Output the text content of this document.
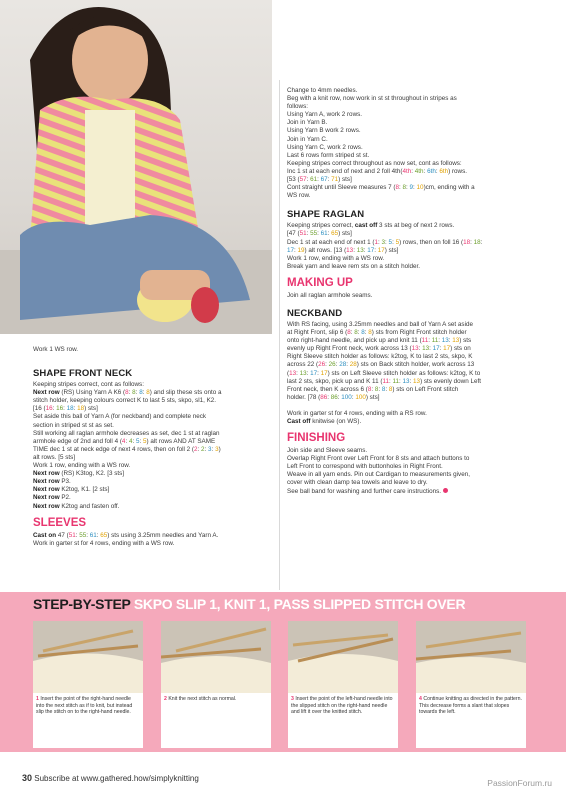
Work 1 WS row.
SHAPE FRONT NECK
Keeping stripes correct, cont as follows:
Next row (RS) Using Yarn A K6 (8: 8: 8: 8) and slip these sts onto a
stitch holder, keeping colours correct K to last 5 sts, skpo, sl1, K2.
[16 (16: 16: 18: 18) sts]
Set aside this ball of Yarn A (for neckband) and complete neck
section in striped st st as set.
Still working all raglan armhole decreases as set, dec 1 st at raglan
armhole edge of 2nd and foll 4 (4: 4: 5: 5) alt rows AND AT SAME
TIME dec 1 st at neck edge of next 4 rows, then on foll 2 (2: 2: 3: 3)
alt rows. [5 sts]
Work 1 row, ending with a WS row.
Next row (RS) K3tog, K2. [3 sts]
Next row P3.
Next row K2tog, K1. [2 sts]
Next row P2.
Next row K2tog and fasten off.
SLEEVES
Cast on 47 (51: 55: 61: 65) sts using 3.25mm needles and Yarn A.
Work in garter st for 4 rows, ending with a WS row.
Change to 4mm needles.
Beg with a knit row, now work in st st throughout in stripes as
follows:
Using Yarn A, work 2 rows.
Join in Yarn B.
Using Yarn B work 2 rows.
Join in Yarn C.
Using Yarn C, work 2 rows.
Last 6 rows form striped st st.
Keeping stripes correct throughout as now set, cont as follows:
Inc 1 st at each end of next and 2 foll 4th(4th: 4th: 6th: 6th) rows.
[53 (57: 61: 67: 71) sts]
Cont straight until Sleeve measures 7 (8: 8: 9: 10)cm, ending with a
WS row.
SHAPE RAGLAN
Keeping stripes correct, cast off 3 sts at beg of next 2 rows.
[47 (51: 55: 61: 65) sts]
Dec 1 st at each end of next 1 (1: 3: 5: 5) rows, then on foll 16 (18: 18:
17: 19) alt rows. [13 (13: 13: 17: 17) sts]
Work 1 row, ending with a WS row.
Break yarn and leave rem sts on a stitch holder.
MAKING UP
Join all raglan armhole seams.
NECKBAND
With RS facing, using 3.25mm needles and ball of Yarn A set aside
at Right Front, slip 6 (8: 8: 8: 8) sts from Right Front stitch holder
onto right-hand needle, and pick up and knit 11 (11: 11: 13: 13) sts
evenly up Right Front neck, work across 13 (13: 13: 17: 17) sts on
Right Sleeve stitch holder as follows: k2tog, K to last 2 sts, skpo, K
across 22 (26: 26: 28: 28) sts on Back stitch holder, work across 13
(13: 13: 17: 17) sts on Left Sleeve stitch holder as follows: k2tog, K to
last 2 sts, skpo, pick up and K 11 (11: 11: 13: 13) sts evenly down Left
Front neck, then K across 6 (8: 8: 8: 8) sts on Left Front stitch
holder. [78 (86: 86: 100: 100) sts]
Work in garter st for 4 rows, ending with a RS row.
Cast off knitwise (on WS).
FINISHING
Join side and Sleeve seams.
Overlap Right Front over Left Front for 8 sts and attach buttons to
Left Front to correspond with buttonholes in Right Front.
Weave in all yarn ends. Pin out Cardigan to measurements given,
cover with clean damp tea towels and leave to dry.
See ball band for washing and further care instructions.
STEP-BY-STEP SKPO SLIP 1, KNIT 1, PASS SLIPPED STITCH OVER
1 Insert the point of the right-hand needle into the next stitch as if to knit, but instead slip the stitch on to the right-hand needle.
2 Knit the next stitch as normal.	3 Insert the point of the left-hand needle into the slipped stitch on the right-hand needle and lift it over the knitted stitch.
4 Continue knitting as directed in the pattern. This decrease forms a slant that slopes towards the left.
30 Subscribe at www.gathered.how/simplyknitting	PassionForum.ru
